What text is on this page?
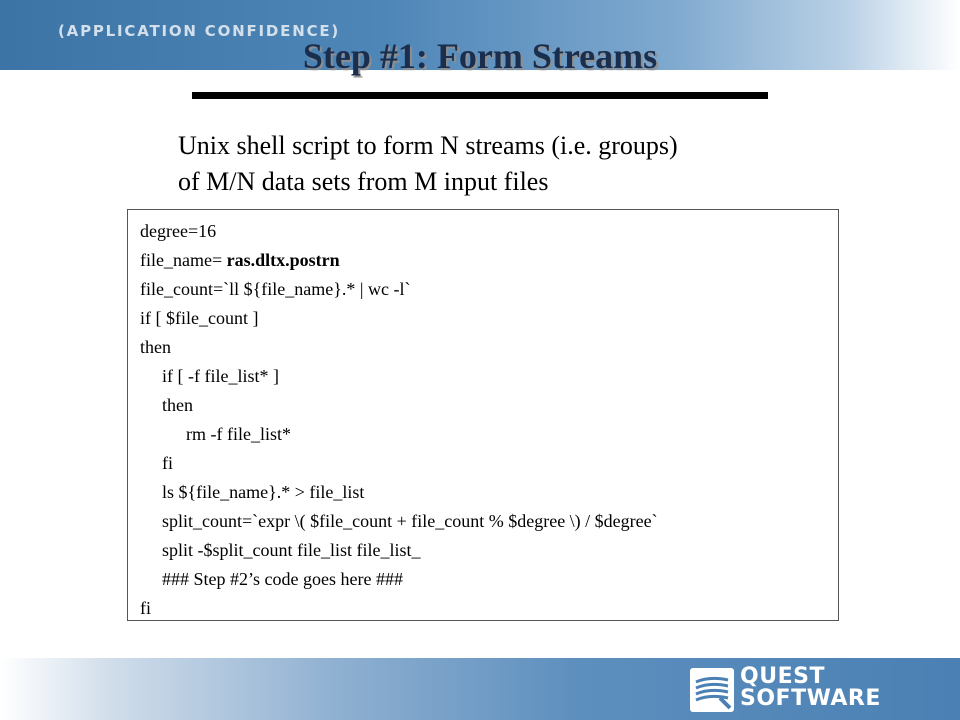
(APPLICATION CONFIDENCE)
Step #1: Form Streams
Unix shell script to form N streams (i.e. groups)
of M/N data sets from M input files
degree=16
file_name= ras.dltx.postrn
file_count=`ll ${file_name}.* | wc -l`
if [ $file_count ]
then
if [ -f file_list* ]
then
rm -f file_list*
fi
ls ${file_name}.* > file_list
split_count=`expr \( $file_count + file_count % $degree \) / $degree`
split -$split_count file_list file_list_
### Step #2’s code goes here ###
fi
QUEST
SOFTWARE
